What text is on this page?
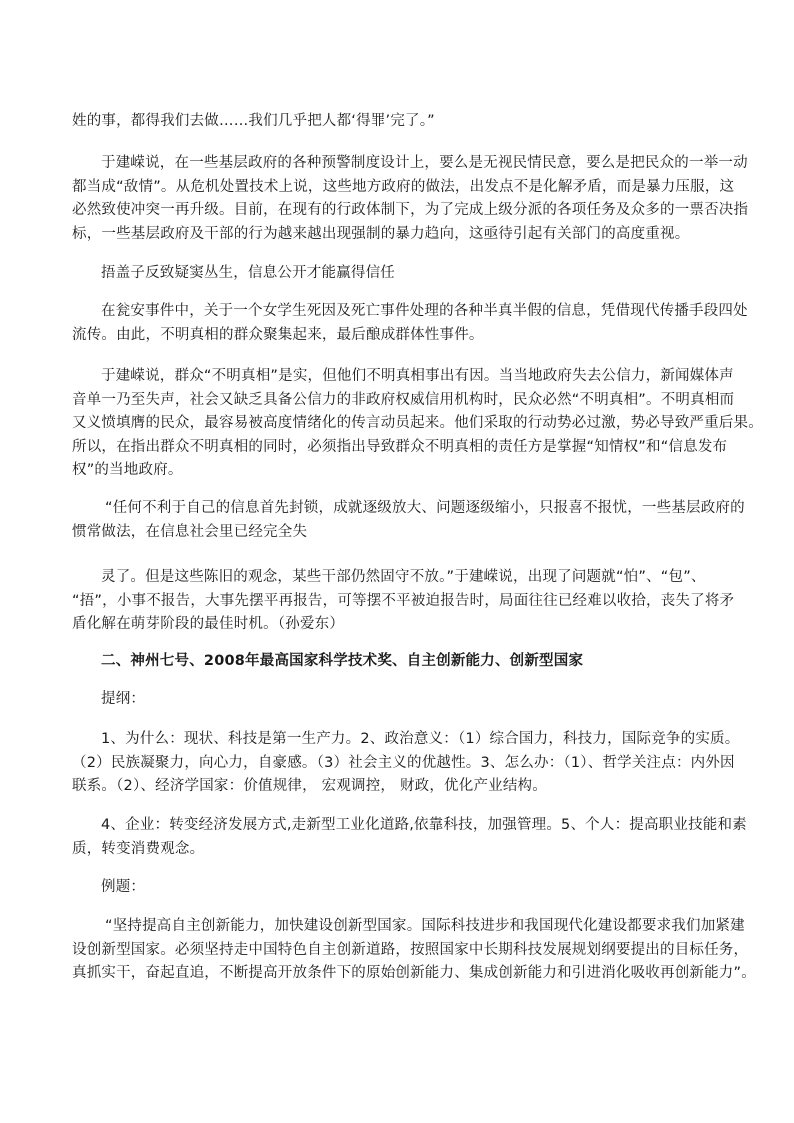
姓的事，都得我们去做……我们几乎把人都‘得罪’完了。”
于建嵘说，在一些基层政府的各种预警制度设计上，要么是无视民情民意，要么是把民众的一举一动
都当成“敌情”。从危机处置技术上说，这些地方政府的做法，出发点不是化解矛盾，而是暴力压服，这
必然致使冲突一再升级。目前，在现有的行政体制下，为了完成上级分派的各项任务及众多的一票否决指
标，一些基层政府及干部的行为越来越出现强制的暴力趋向，这亟待引起有关部门的高度重视。
捂盖子反致疑窦丛生，信息公开才能赢得信任
在瓮安事件中，关于一个女学生死因及死亡事件处理的各种半真半假的信息，凭借现代传播手段四处
流传。由此，不明真相的群众聚集起来，最后酿成群体性事件。
于建嵘说，群众“不明真相”是实，但他们不明真相事出有因。当当地政府失去公信力，新闻媒体声
音单一乃至失声，社会又缺乏具备公信力的非政府权威信用机构时，民众必然“不明真相”。不明真相而
又义愤填膺的民众，最容易被高度情绪化的传言动员起来。他们采取的行动势必过激，势必导致严重后果。
所以，在指出群众不明真相的同时，必须指出导致群众不明真相的责任方是掌握“知情权”和“信息发布
权”的当地政府。
“任何不利于自己的信息首先封锁，成就逐级放大、问题逐级缩小，只报喜不报忧，一些基层政府的
惯常做法，在信息社会里已经完全失
灵了。但是这些陈旧的观念，某些干部仍然固守不放。”于建嵘说，出现了问题就“怕”、“包”、
“捂”，小事不报告，大事先摆平再报告，可等摆不平被迫报告时，局面往往已经难以收拾，丧失了将矛
盾化解在萌芽阶段的最佳时机。（孙爱东）
二、神州七号、2008年最高国家科学技术奖、自主创新能力、创新型国家
提纲：
1、为什么：现状、科技是第一生产力。2、政治意义：（1）综合国力，科技力，国际竞争的实质。
（2）民族凝聚力，向心力，自豪感。（3）社会主义的优越性。3、怎么办：（1）、哲学关注点：内外因
联系。（2）、经济学国家：价值规律， 宏观调控， 财政，优化产业结构。
4、企业：转变经济发展方式,走新型工业化道路,依靠科技，加强管理。5、个人：提高职业技能和素
质，转变消费观念。
例题：
“坚持提高自主创新能力，加快建设创新型国家。国际科技进步和我国现代化建设都要求我们加紧建
设创新型国家。必须坚持走中国特色自主创新道路，按照国家中长期科技发展规划纲要提出的目标任务，
真抓实干，奋起直追，不断提高开放条件下的原始创新能力、集成创新能力和引进消化吸收再创新能力”。
